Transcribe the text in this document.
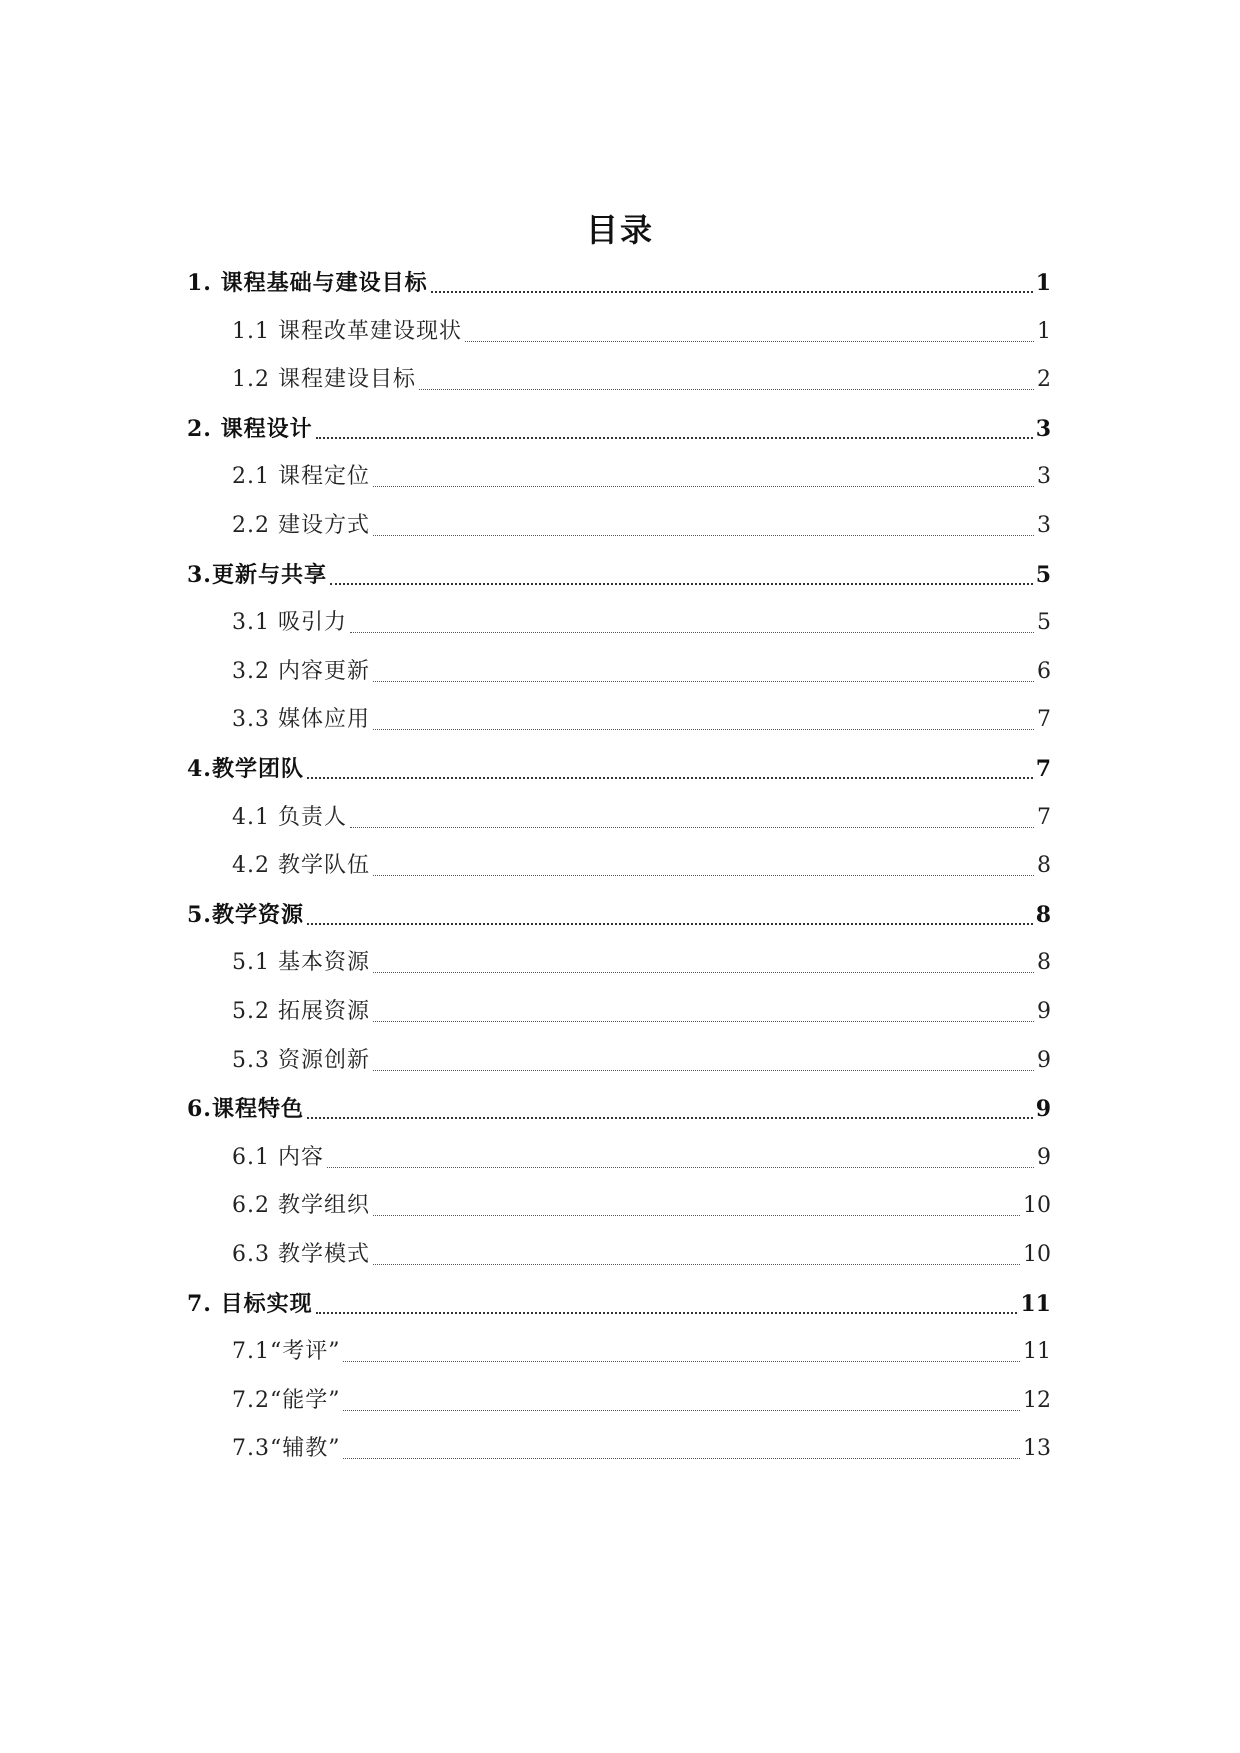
目录
1. 课程基础与建设目标	1
1.1 课程改革建设现状	1
1.2 课程建设目标	2
2. 课程设计	3
2.1 课程定位	3
2.2 建设方式	3
3.更新与共享	5
3.1 吸引力	5
3.2 内容更新	6
3.3 媒体应用	7
4.教学团队	7
4.1 负责人	7
4.2 教学队伍	8
5.教学资源	8
5.1 基本资源	8
5.2 拓展资源	9
5.3 资源创新	9
6.课程特色	9
6.1 内容	9
6.2 教学组织	10
6.3 教学模式	10
7. 目标实现	11
7.1“考评”	11
7.2“能学”	12
7.3“辅教”	13
